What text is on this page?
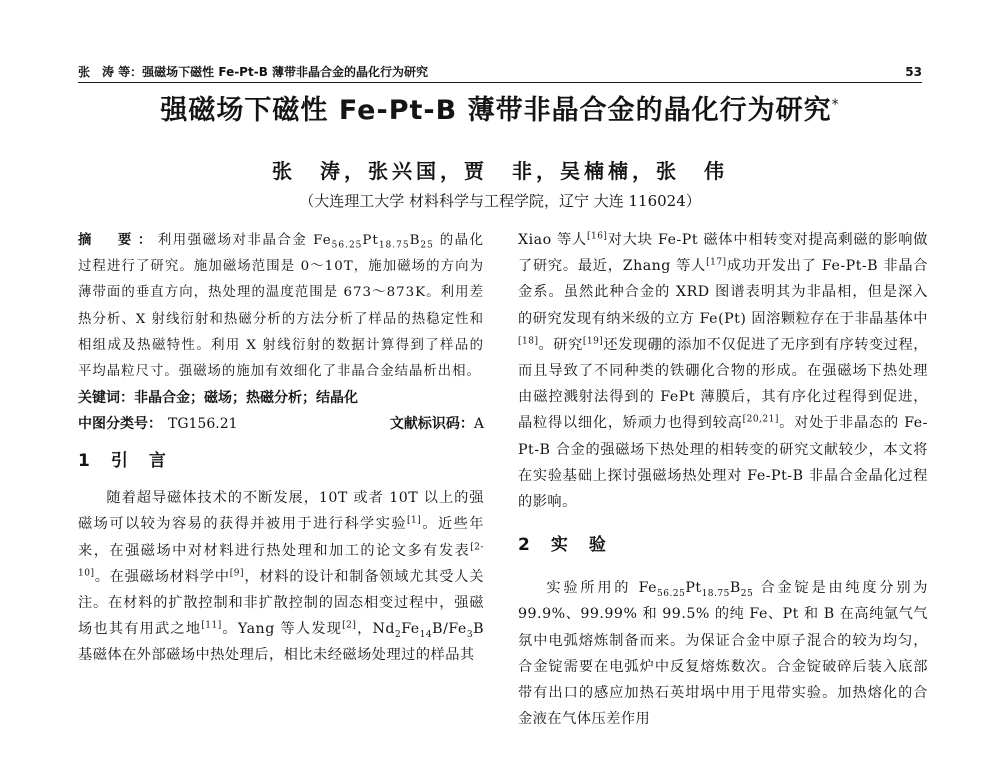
张　涛 等：强磁场下磁性 Fe-Pt-B 薄带非晶合金的晶化行为研究	53
强磁场下磁性 Fe-Pt-B 薄带非晶合金的晶化行为研究*
张　涛，张兴国，贾　非，吴楠楠，张　伟
（大连理工大学 材料科学与工程学院，辽宁 大连 116024）

摘　要：利用强磁场对非晶合金 $Fe_{56.25}Pt_{18.75}B_{25}$ 的晶化过程进行了研究。施加磁场范围是 0～10T，施加磁场的方向为薄带面的垂直方向，热处理的温度范围是 673～873K。利用差热分析、X 射线衍射和热磁分析的方法分析了样品的热稳定性和相组成及热磁特性。利用 X 射线衍射的数据计算得到了样品的平均晶粒尺寸。强磁场的施加有效细化了非晶合金结晶析出相。

关键词： 非晶合金；磁场；热磁分析；结晶化
中图分类号： TG156.21	文献标识码：A
1　引　言

随着超导磁体技术的不断发展，10T 或者 10T 以上的强磁场可以较为容易的获得并被用于进行科学实验[1]。近些年来，在强磁场中对材料进行热处理和加工的论文多有发表[2-10]。在强磁场材料学中[9]，材料的设计和制备领域尤其受人关注。在材料的扩散控制和非扩散控制的固态相变过程中，强磁场也其有用武之地[11]。Yang 等人发现[2]，$Nd_2Fe_{14}B/Fe_3B$ 基磁体在外部磁场中热处理后，相比未经磁场处理过的样品其

Xiao 等人[16]对大块 Fe-Pt 磁体中相转变对提高剩磁的影响做了研究。最近，Zhang 等人[17]成功开发出了 Fe-Pt-B 非晶合金系。虽然此种合金的 XRD 图谱表明其为非晶相，但是深入的研究发现有纳米级的立方 Fe(Pt) 固溶颗粒存在于非晶基体中[18]。研究[19]还发现硼的添加不仅促进了无序到有序转变过程，而且导致了不同种类的铁硼化合物的形成。在强磁场下热处理由磁控溅射法得到的 FePt 薄膜后，其有序化过程得到促进，晶粒得以细化，矫顽力也得到较高[20,21]。对处于非晶态的 Fe-Pt-B 合金的强磁场下热处理的相转变的研究文献较少，本文将在实验基础上探讨强磁场热处理对 Fe-Pt-B 非晶合金晶化过程的影响。

2　实　验

实验所用的 $Fe_{56.25}Pt_{18.75}B_{25}$ 合金锭是由纯度分别为 99.9%、99.99% 和 99.5% 的纯 Fe、Pt 和 B 在高纯氩气气氛中电弧熔炼制备而来。为保证合金中原子混合的较为均匀，合金锭需要在电弧炉中反复熔炼数次。合金锭破碎后装入底部带有出口的感应加热石英坩埚中用于甩带实验。加热熔化的合金液在气体压差作用
